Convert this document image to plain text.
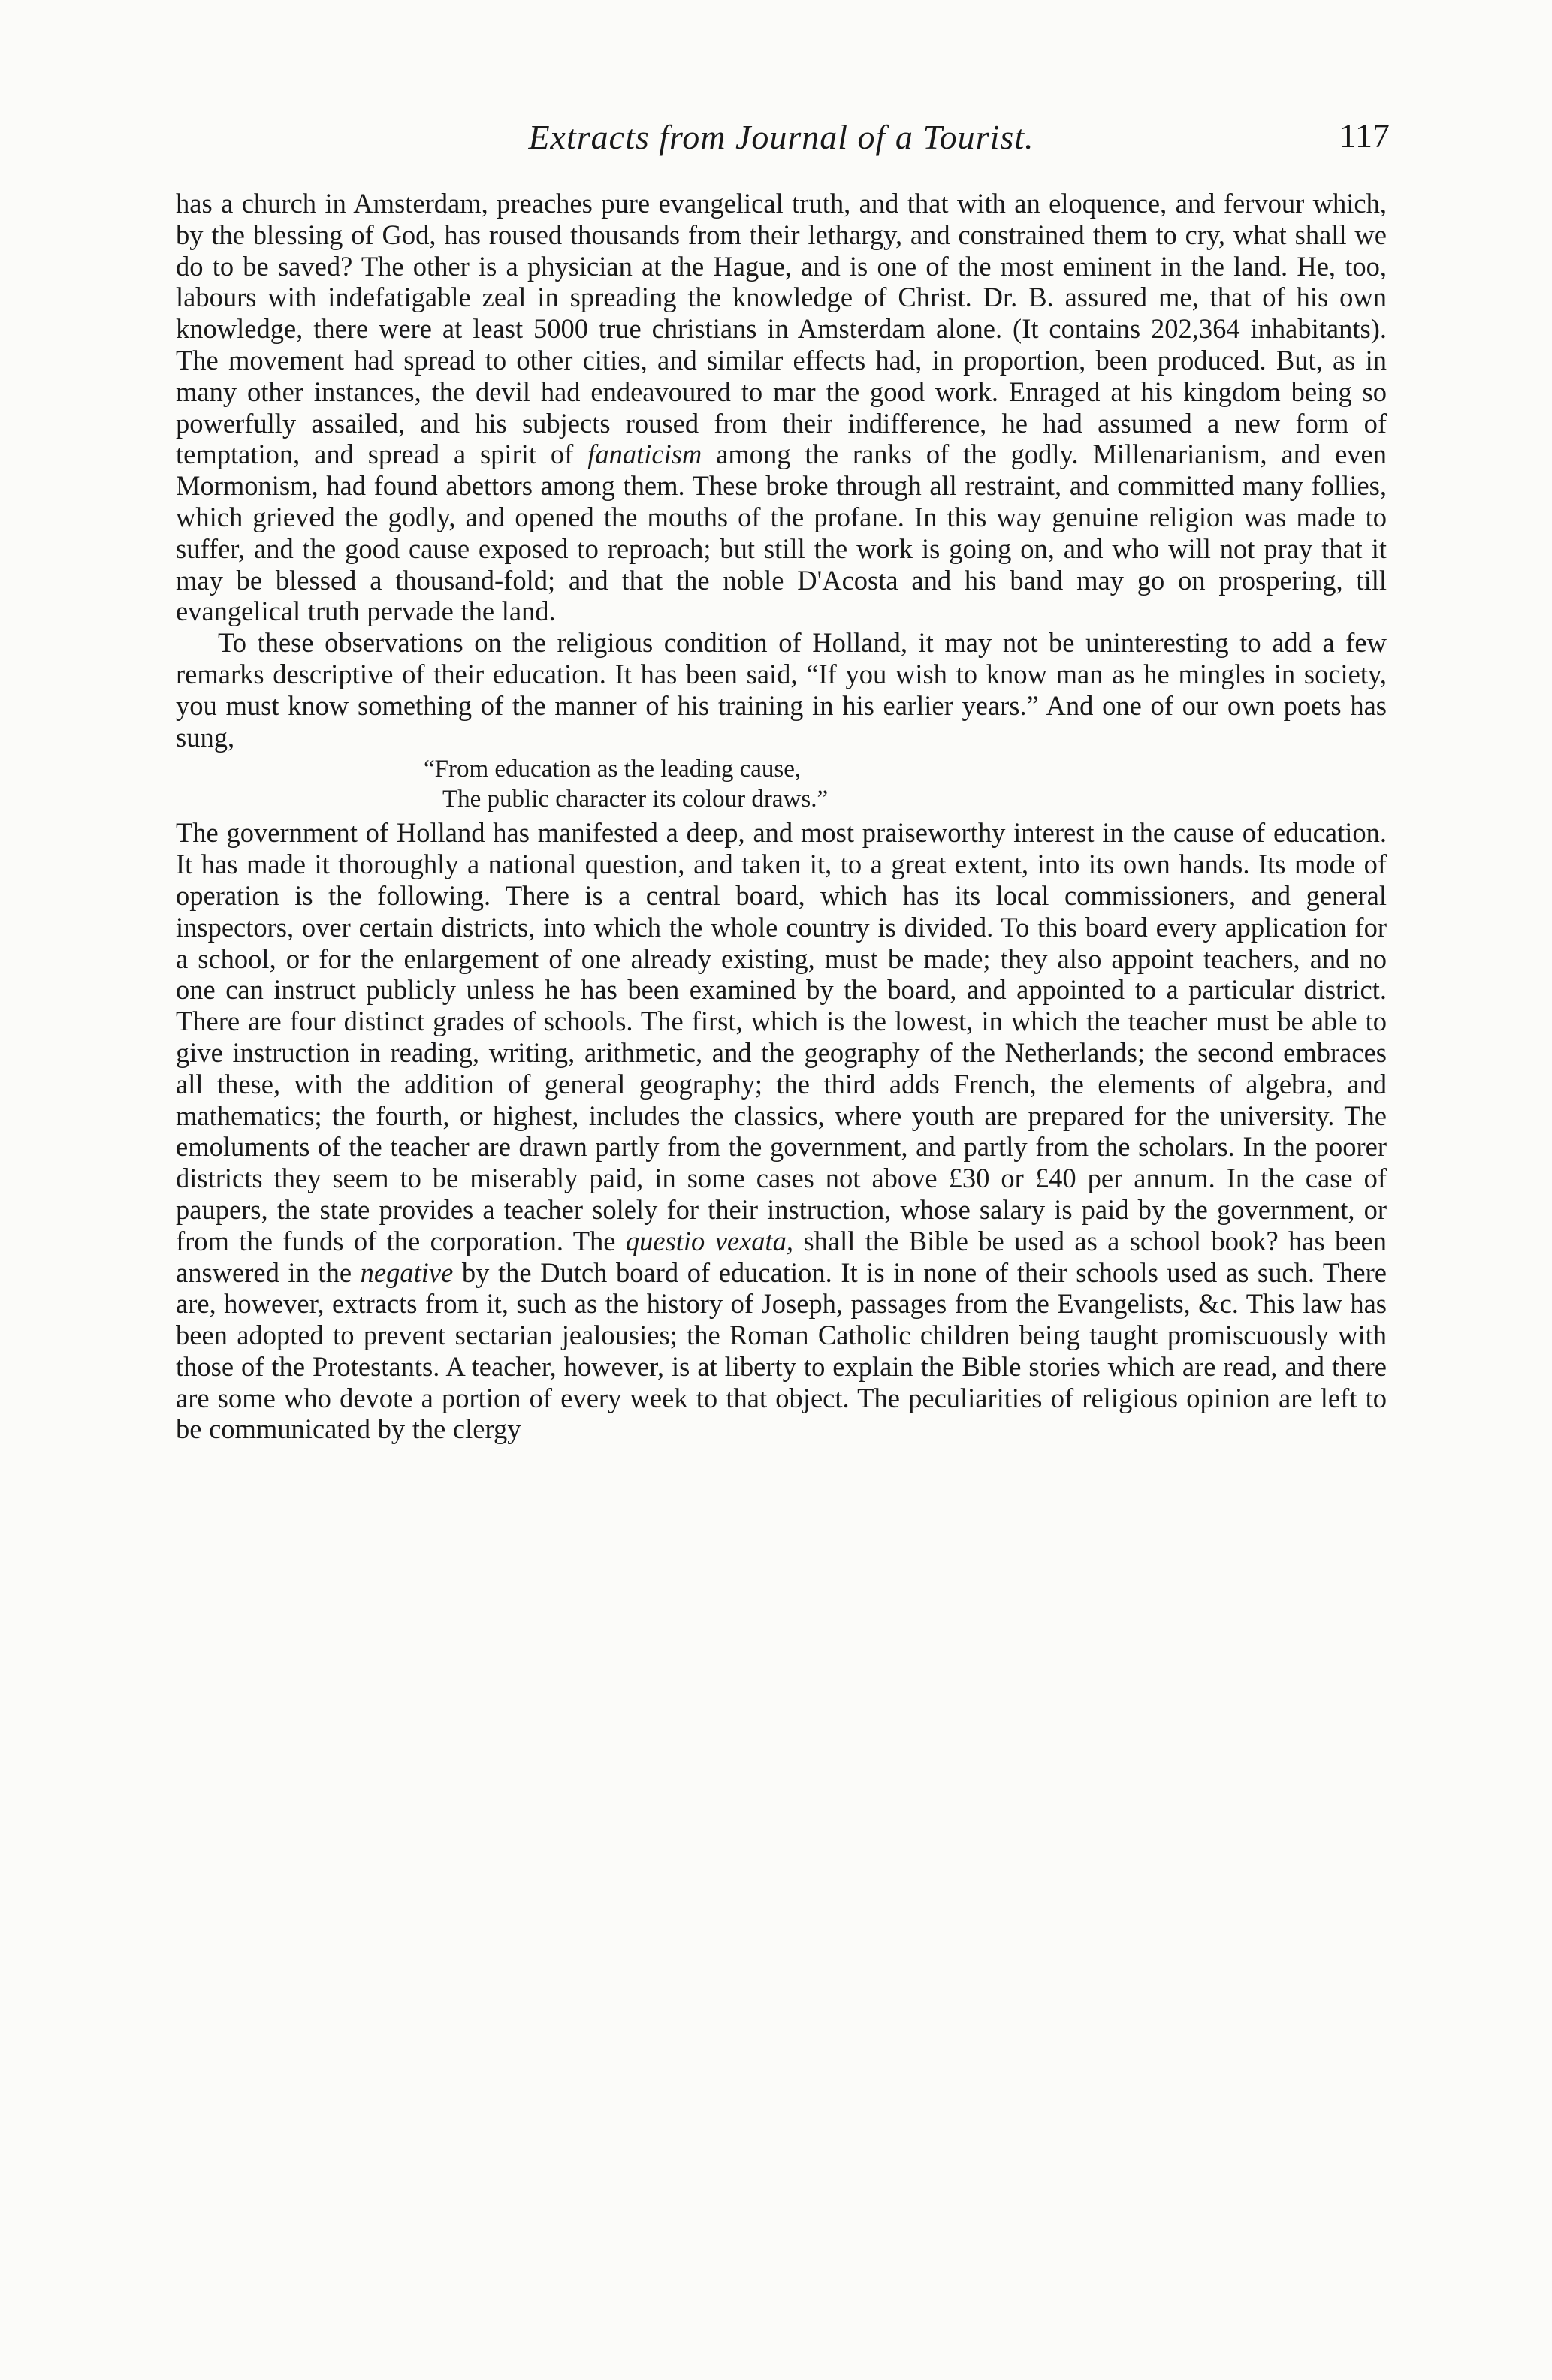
Extracts from Journal of a Tourist.	117

has a church in Amsterdam, preaches pure evangelical truth, and that with an eloquence, and fervour which, by the blessing of God, has roused thousands from their lethargy, and constrained them to cry, what shall we do to be saved? The other is a physician at the Hague, and is one of the most eminent in the land. He, too, labours with indefatigable zeal in spreading the knowledge of Christ. Dr. B. assured me, that of his own knowledge, there were at least 5000 true christians in Amsterdam alone. (It contains 202,364 inhabitants). The movement had spread to other cities, and similar effects had, in proportion, been produced. But, as in many other instances, the devil had endeavoured to mar the good work. Enraged at his kingdom being so powerfully assailed, and his subjects roused from their indifference, he had assumed a new form of temptation, and spread a spirit of fanaticism among the ranks of the godly. Millenarianism, and even Mormonism, had found abettors among them. These broke through all restraint, and committed many follies, which grieved the godly, and opened the mouths of the profane. In this way genuine religion was made to suffer, and the good cause exposed to reproach; but still the work is going on, and who will not pray that it may be blessed a thousand-fold; and that the noble D'Acosta and his band may go on prospering, till evangelical truth pervade the land.

To these observations on the religious condition of Holland, it may not be uninteresting to add a few remarks descriptive of their education. It has been said, “If you wish to know man as he mingles in society, you must know something of the manner of his training in his earlier years.” And one of our own poets has sung,

“From education as the leading cause,
The public character its colour draws.”

The government of Holland has manifested a deep, and most praiseworthy interest in the cause of education. It has made it thoroughly a national question, and taken it, to a great extent, into its own hands. Its mode of operation is the following. There is a central board, which has its local commissioners, and general inspectors, over certain districts, into which the whole country is divided. To this board every application for a school, or for the enlargement of one already existing, must be made; they also appoint teachers, and no one can instruct publicly unless he has been examined by the board, and appointed to a particular district. There are four distinct grades of schools. The first, which is the lowest, in which the teacher must be able to give instruction in reading, writing, arithmetic, and the geography of the Netherlands; the second embraces all these, with the addition of general geography; the third adds French, the elements of algebra, and mathematics; the fourth, or highest, includes the classics, where youth are prepared for the university. The emoluments of the teacher are drawn partly from the government, and partly from the scholars. In the poorer districts they seem to be miserably paid, in some cases not above £30 or £40 per annum. In the case of paupers, the state provides a teacher solely for their instruction, whose salary is paid by the government, or from the funds of the corporation. The questio vexata, shall the Bible be used as a school book? has been answered in the negative by the Dutch board of education. It is in none of their schools used as such. There are, however, extracts from it, such as the history of Joseph, passages from the Evangelists, &c. This law has been adopted to prevent sectarian jealousies; the Roman Catholic children being taught promiscuously with those of the Protestants. A teacher, however, is at liberty to explain the Bible stories which are read, and there are some who devote a portion of every week to that object. The peculiarities of religious opinion are left to be communicated by the clergy
